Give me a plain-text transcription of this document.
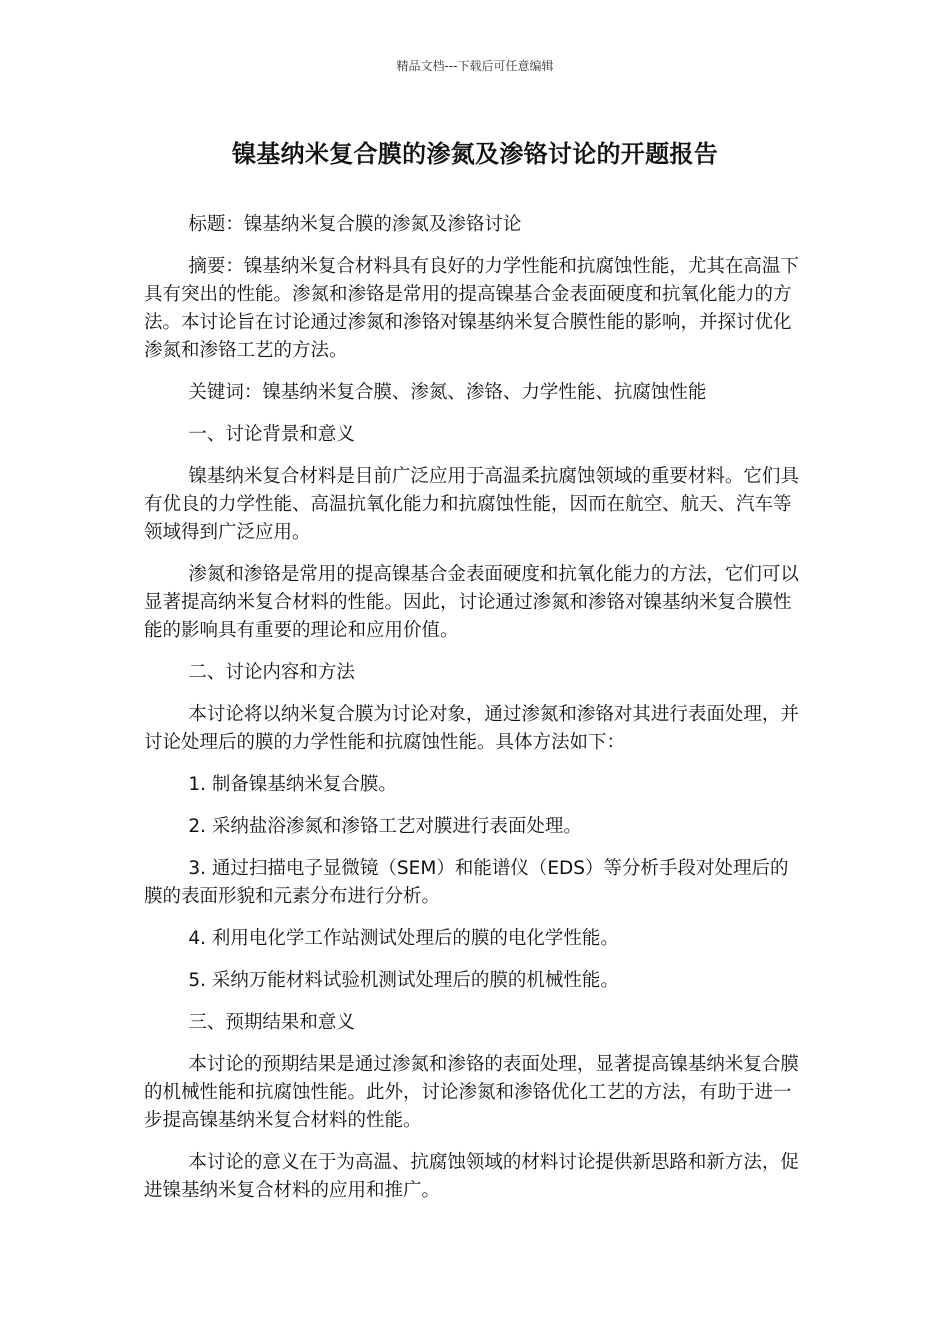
精品文档---下载后可任意编辑
镍基纳米复合膜的渗氮及渗铬讨论的开题报告

标题：镍基纳米复合膜的渗氮及渗铬讨论

摘要：镍基纳米复合材料具有良好的力学性能和抗腐蚀性能，尤其在高温下具有突出的性能。渗氮和渗铬是常用的提高镍基合金表面硬度和抗氧化能力的方法。本讨论旨在讨论通过渗氮和渗铬对镍基纳米复合膜性能的影响，并探讨优化渗氮和渗铬工艺的方法。

关键词：镍基纳米复合膜、渗氮、渗铬、力学性能、抗腐蚀性能

一、讨论背景和意义

镍基纳米复合材料是目前广泛应用于高温柔抗腐蚀领域的重要材料。它们具有优良的力学性能、高温抗氧化能力和抗腐蚀性能，因而在航空、航天、汽车等领域得到广泛应用。

渗氮和渗铬是常用的提高镍基合金表面硬度和抗氧化能力的方法，它们可以显著提高纳米复合材料的性能。因此，讨论通过渗氮和渗铬对镍基纳米复合膜性能的影响具有重要的理论和应用价值。

二、讨论内容和方法

本讨论将以纳米复合膜为讨论对象，通过渗氮和渗铬对其进行表面处理，并讨论处理后的膜的力学性能和抗腐蚀性能。具体方法如下：

1. 制备镍基纳米复合膜。

2. 采纳盐浴渗氮和渗铬工艺对膜进行表面处理。

3. 通过扫描电子显微镜（SEM）和能谱仪（EDS）等分析手段对处理后的膜的表面形貌和元素分布进行分析。

4. 利用电化学工作站测试处理后的膜的电化学性能。

5. 采纳万能材料试验机测试处理后的膜的机械性能。

三、预期结果和意义

本讨论的预期结果是通过渗氮和渗铬的表面处理，显著提高镍基纳米复合膜的机械性能和抗腐蚀性能。此外，讨论渗氮和渗铬优化工艺的方法，有助于进一步提高镍基纳米复合材料的性能。

本讨论的意义在于为高温、抗腐蚀领域的材料讨论提供新思路和新方法，促进镍基纳米复合材料的应用和推广。
